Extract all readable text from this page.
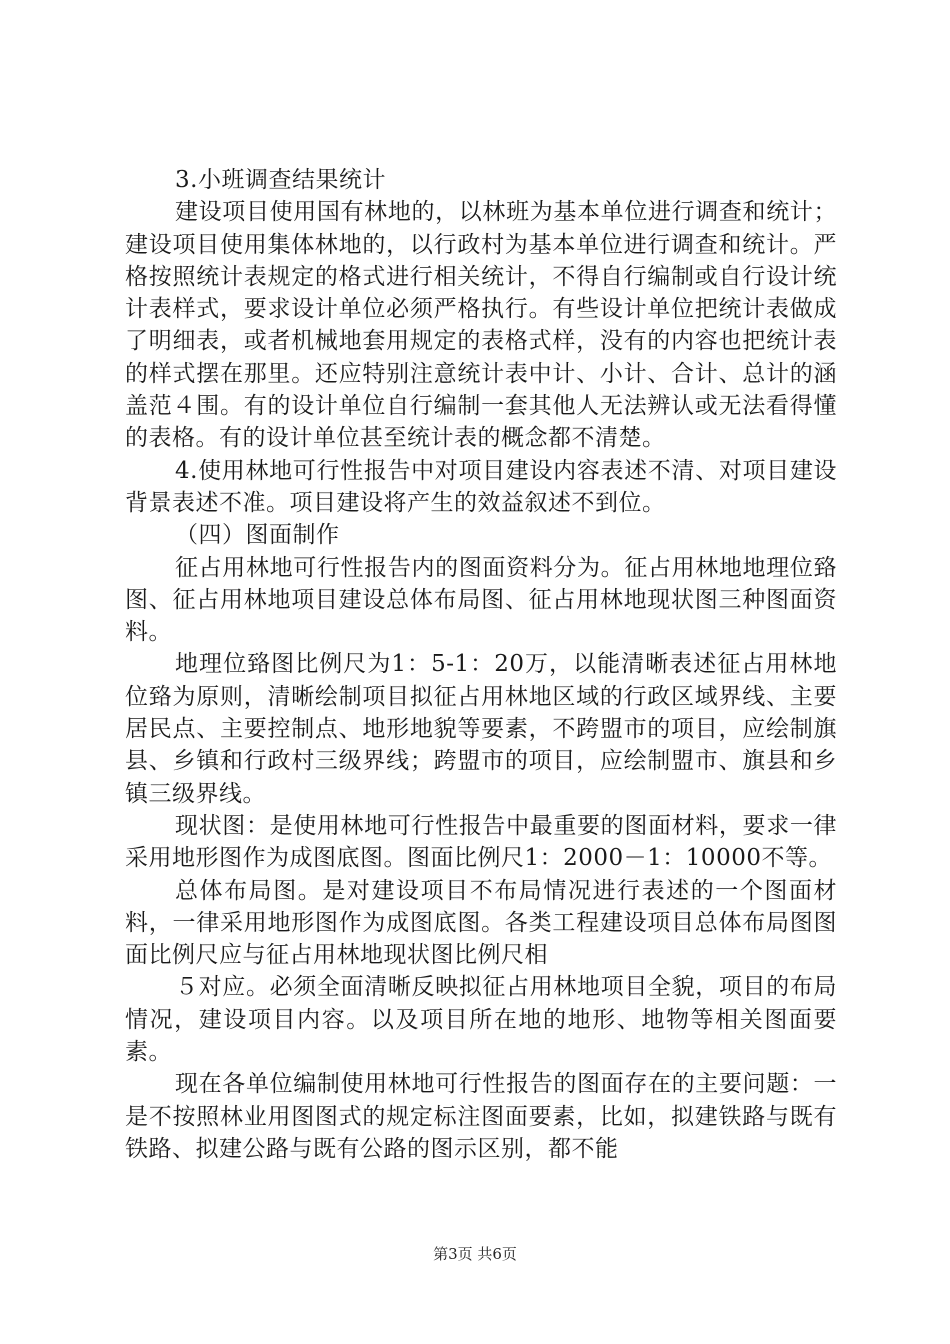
3.小班调查结果统计

建设项目使用国有林地的，以林班为基本单位进行调查和统计；建设项目使用集体林地的，以行政村为基本单位进行调查和统计。严格按照统计表规定的格式进行相关统计，不得自行编制或自行设计统计表样式，要求设计单位必须严格执行。有些设计单位把统计表做成了明细表，或者机械地套用规定的表格式样，没有的内容也把统计表的样式摆在那里。还应特别注意统计表中计、小计、合计、总计的涵盖范４围。有的设计单位自行编制一套其他人无法辨认或无法看得懂的表格。有的设计单位甚至统计表的概念都不清楚。

4.使用林地可行性报告中对项目建设内容表述不清、对项目建设背景表述不准。项目建设将产生的效益叙述不到位。

（四）图面制作

征占用林地可行性报告内的图面资料分为。征占用林地地理位臵图、征占用林地项目建设总体布局图、征占用林地现状图三种图面资料。

地理位臵图比例尺为1：5-1：20万，以能清晰表述征占用林地位臵为原则，清晰绘制项目拟征占用林地区域的行政区域界线、主要居民点、主要控制点、地形地貌等要素，不跨盟市的项目，应绘制旗县、乡镇和行政村三级界线；跨盟市的项目，应绘制盟市、旗县和乡镇三级界线。

现状图：是使用林地可行性报告中最重要的图面材料，要求一律采用地形图作为成图底图。图面比例尺1：2000－1：10000不等。

总体布局图。是对建设项目不布局情况进行表述的一个图面材料，一律采用地形图作为成图底图。各类工程建设项目总体布局图图面比例尺应与征占用林地现状图比例尺相

５对应。必须全面清晰反映拟征占用林地项目全貌，项目的布局情况，建设项目内容。以及项目所在地的地形、地物等相关图面要素。

现在各单位编制使用林地可行性报告的图面存在的主要问题：一是不按照林业用图图式的规定标注图面要素，比如，拟建铁路与既有铁路、拟建公路与既有公路的图示区别，都不能

第3页 共6页
